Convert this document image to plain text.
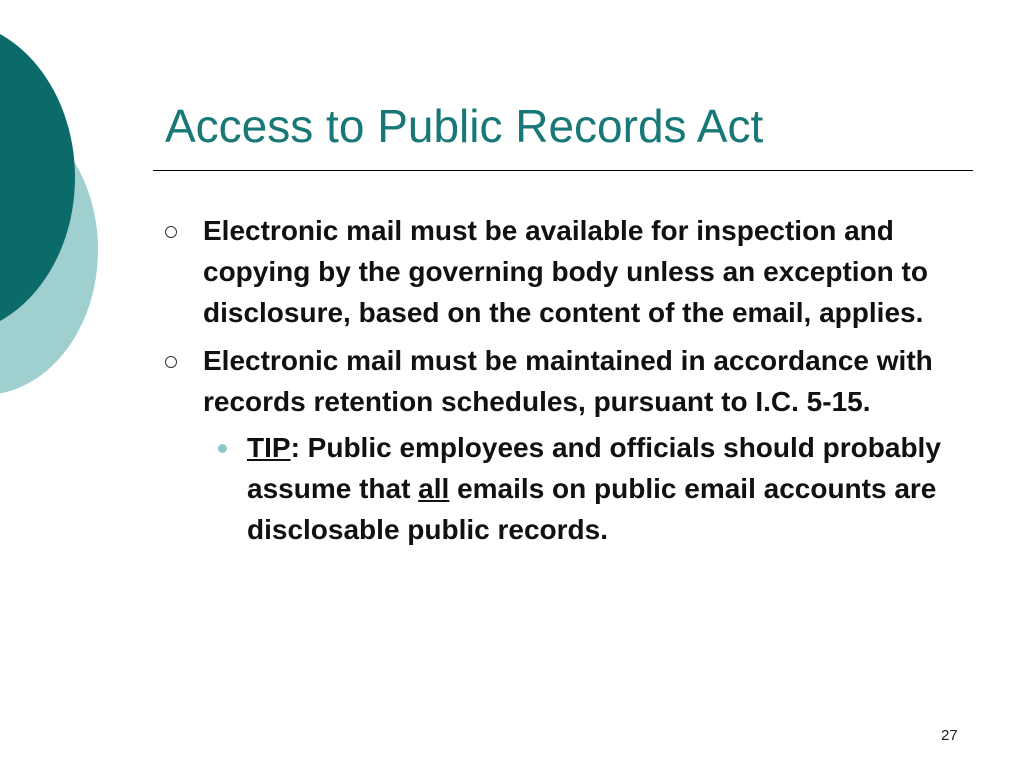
Access to Public Records Act
Electronic mail must be available for inspection and copying by the governing body unless an exception to disclosure, based on the content of the email, applies.
Electronic mail must be maintained in accordance with records retention schedules, pursuant to I.C. 5-15.
TIP: Public employees and officials should probably assume that all emails on public email accounts are disclosable public records.
27
